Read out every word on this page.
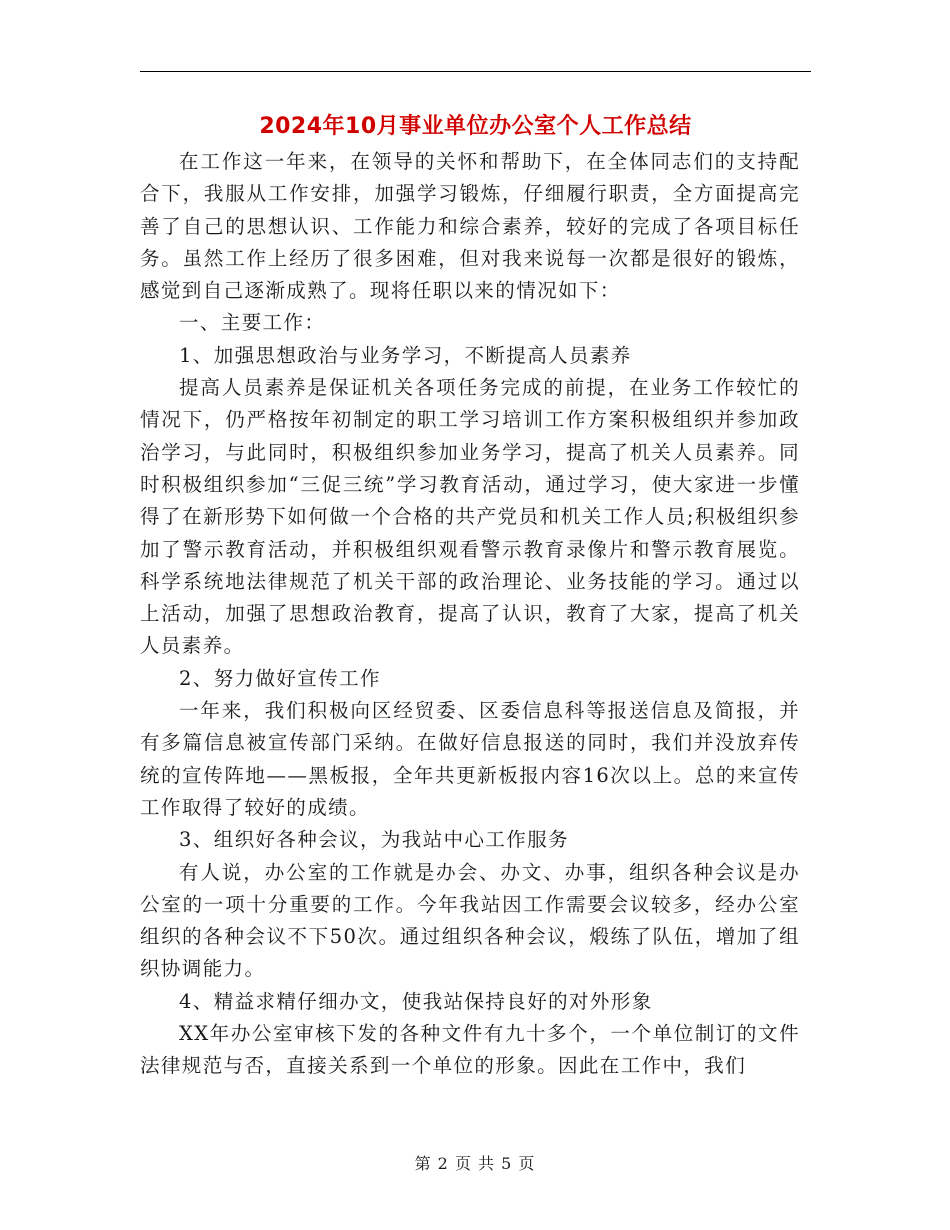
2024年10月事业单位办公室个人工作总结

在工作这一年来，在领导的关怀和帮助下，在全体同志们的支持配合下，我服从工作安排，加强学习锻炼，仔细履行职责，全方面提高完善了自己的思想认识、工作能力和综合素养，较好的完成了各项目标任务。虽然工作上经历了很多困难，但对我来说每一次都是很好的锻炼，感觉到自己逐渐成熟了。现将任职以来的情况如下：

一、主要工作：

1、加强思想政治与业务学习，不断提高人员素养

提高人员素养是保证机关各项任务完成的前提，在业务工作较忙的情况下，仍严格按年初制定的职工学习培训工作方案积极组织并参加政治学习，与此同时，积极组织参加业务学习，提高了机关人员素养。同时积极组织参加“三促三统”学习教育活动，通过学习，使大家进一步懂得了在新形势下如何做一个合格的共产党员和机关工作人员;积极组织参加了警示教育活动，并积极组织观看警示教育录像片和警示教育展览。科学系统地法律规范了机关干部的政治理论、业务技能的学习。通过以上活动，加强了思想政治教育，提高了认识，教育了大家，提高了机关人员素养。

2、努力做好宣传工作

一年来，我们积极向区经贸委、区委信息科等报送信息及简报，并有多篇信息被宣传部门采纳。在做好信息报送的同时，我们并没放弃传统的宣传阵地——黑板报，全年共更新板报内容16次以上。总的来宣传工作取得了较好的成绩。

3、组织好各种会议，为我站中心工作服务

有人说，办公室的工作就是办会、办文、办事，组织各种会议是办公室的一项十分重要的工作。今年我站因工作需要会议较多，经办公室组织的各种会议不下50次。通过组织各种会议，煅练了队伍，增加了组织协调能力。

4、精益求精仔细办文，使我站保持良好的对外形象

XX年办公室审核下发的各种文件有九十多个，一个单位制订的文件法律规范与否，直接关系到一个单位的形象。因此在工作中，我们

第 2 页 共 5 页
